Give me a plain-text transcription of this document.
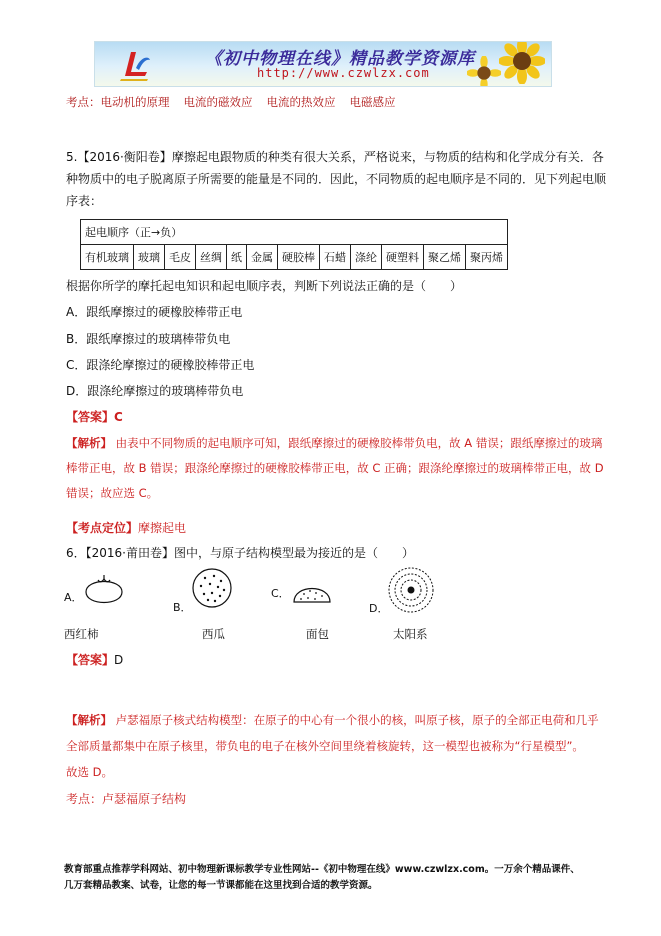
《初中物理在线》精品教学资源库
http://www.czwlzx.com
考点：电动机的原理 电流的磁效应 电流的热效应 电磁感应
5.【2016·衡阳卷】摩擦起电跟物质的种类有很大关系，严格说来，与物质的结构和化学成分有关．各
种物质中的电子脱离原子所需要的能量是不同的．因此，不同物质的起电顺序是不同的．见下列起电顺
序表：
起电顺序（正→负）
有机玻璃	玻璃	毛皮	丝绸	纸	金属	硬胶棒	石蜡	涤纶	硬塑料	聚乙烯	聚丙烯
根据你所学的摩托起电知识和起电顺序表，判断下列说法正确的是（　　）
A．跟纸摩擦过的硬橡胶棒带正电
B．跟纸摩擦过的玻璃棒带负电
C．跟涤纶摩擦过的硬橡胶棒带正电
D．跟涤纶摩擦过的玻璃棒带负电
【答案】C
【解析】 由表中不同物质的起电顺序可知，跟纸摩擦过的硬橡胶棒带负电，故 A 错误；跟纸摩擦过的玻璃
棒带正电，故 B 错误；跟涤纶摩擦过的硬橡胶棒带正电，故 C 正确；跟涤纶摩擦过的玻璃棒带正电，故 D
错误；故应选 C。
【考点定位】摩擦起电
6．【2016·莆田卷】图中，与原子结构模型最为接近的是（　　）
A．
B．
C．
D．
西红柿	西瓜	面包	太阳系
【答案】D
【解析】 卢瑟福原子核式结构模型：在原子的中心有一个很小的核，叫原子核，原子的全部正电荷和几乎
全部质量都集中在原子核里，带负电的电子在核外空间里绕着核旋转，这一模型也被称为“行星模型”。
故选 D。
考点：卢瑟福原子结构
教育部重点推荐学科网站、初中物理新课标教学专业性网站--《初中物理在线》www.czwlzx.com。一万余个精品课件、
几万套精品教案、试卷，让您的每一节课都能在这里找到合适的教学资源。
